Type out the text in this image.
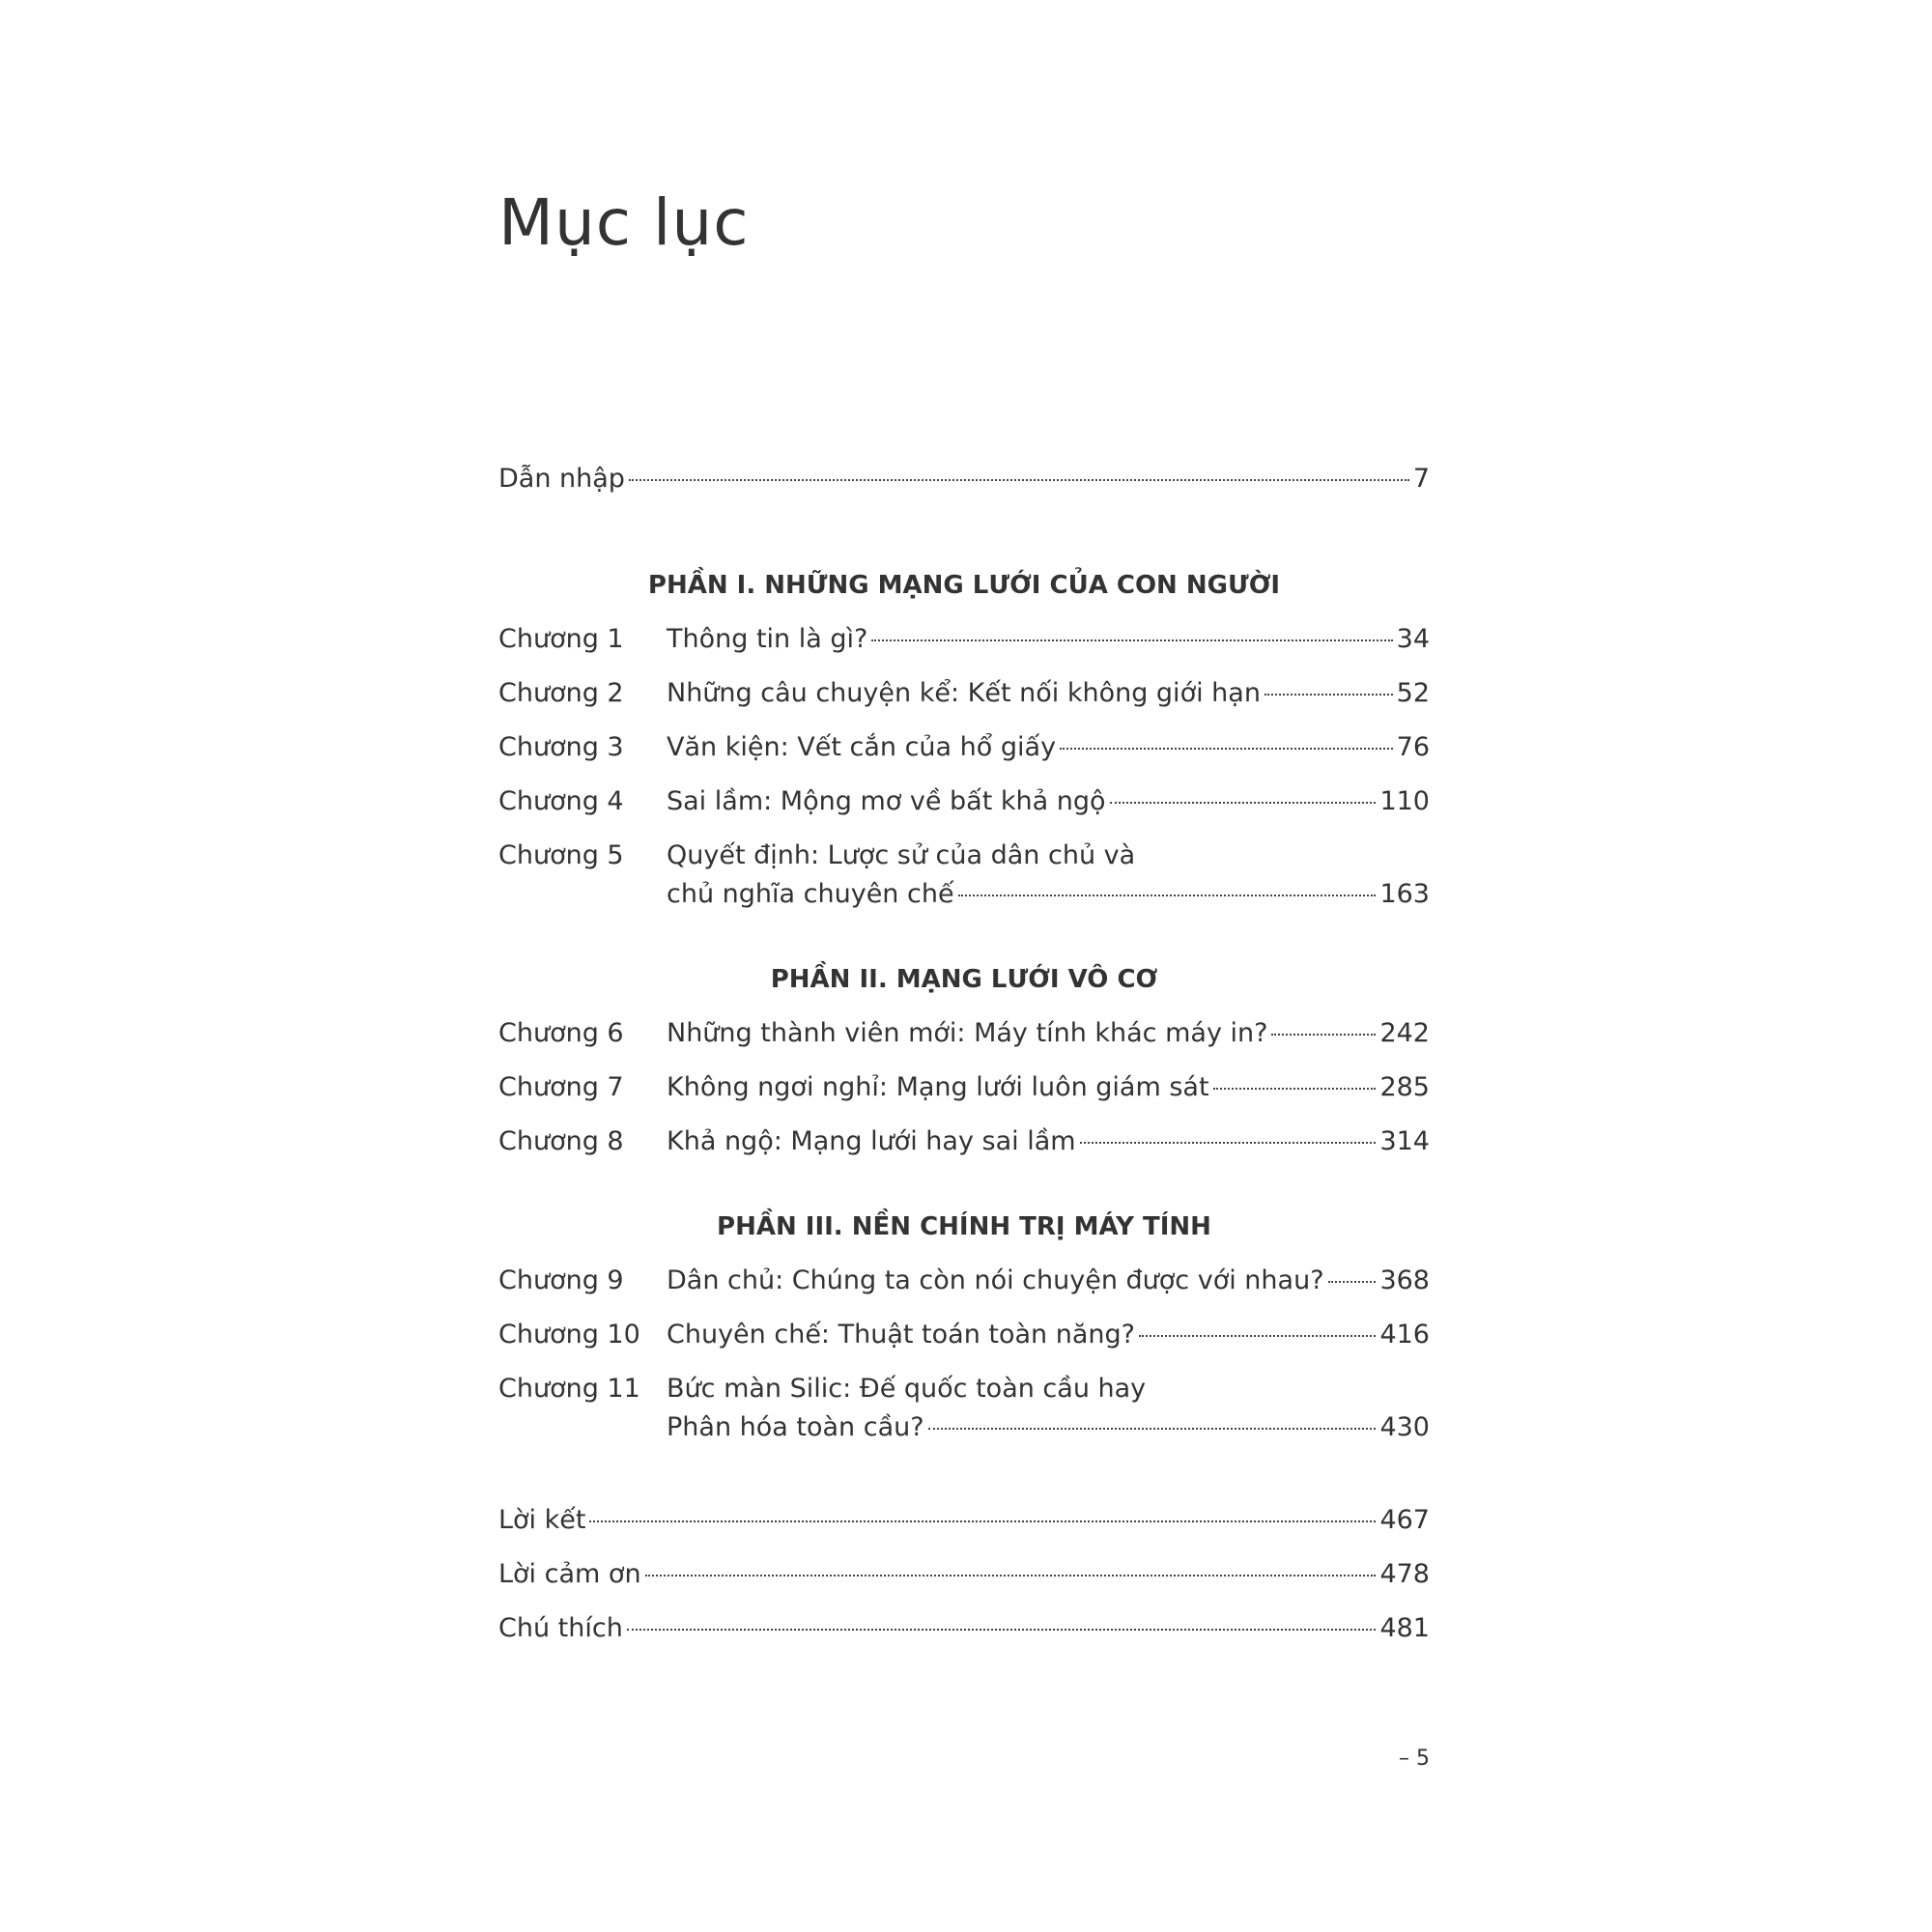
Mục lục
Dẫn nhập	7
PHẦN I. NHỮNG MẠNG LƯỚI CỦA CON NGƯỜI
Chương 1	Thông tin là gì?	34
Chương 2	Những câu chuyện kể: Kết nối không giới hạn	52
Chương 3	Văn kiện: Vết cắn của hổ giấy	76
Chương 4	Sai lầm: Mộng mơ về bất khả ngộ	110
Chương 5	Quyết định: Lược sử của dân chủ và
chủ nghĩa chuyên chế	163
PHẦN II. MẠNG LƯỚI VÔ CƠ
Chương 6	Những thành viên mới: Máy tính khác máy in?	242
Chương 7	Không ngơi nghỉ: Mạng lưới luôn giám sát	285
Chương 8	Khả ngộ: Mạng lưới hay sai lầm	314
PHẦN III. NỀN CHÍNH TRỊ MÁY TÍNH
Chương 9	Dân chủ: Chúng ta còn nói chuyện được với nhau? 368
Chương 10	Chuyên chế: Thuật toán toàn năng?	416
Chương 11	Bức màn Silic: Đế quốc toàn cầu hay
Phân hóa toàn cầu?	430
Lời kết	467
Lời cảm ơn	478
Chú thích	481
– 5
